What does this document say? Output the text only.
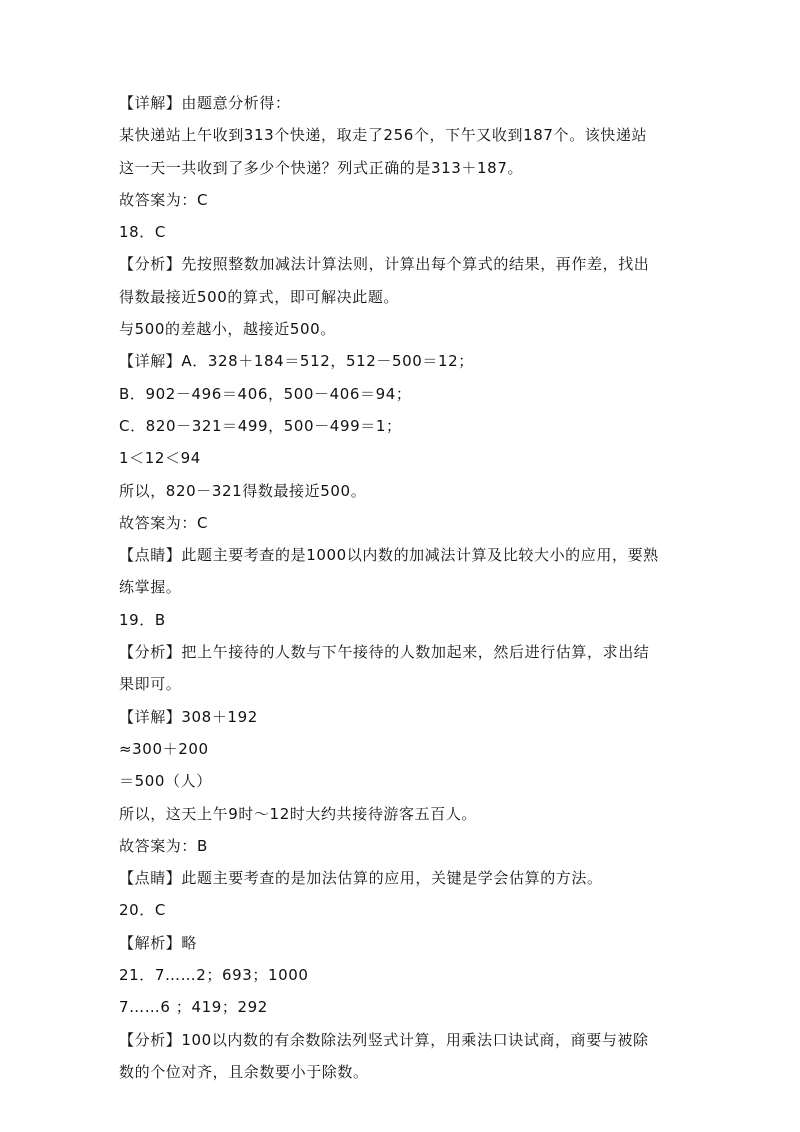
【详解】由题意分析得：
某快递站上午收到313个快递，取走了256个，下午又收到187个。该快递站
这一天一共收到了多少个快递？列式正确的是313＋187。
故答案为：C
18．C
【分析】先按照整数加减法计算法则，计算出每个算式的结果，再作差，找出
得数最接近500的算式，即可解决此题。
与500的差越小，越接近500。
【详解】A．328＋184＝512，512－500＝12；
B．902－496＝406，500－406＝94；
C．820－321＝499，500－499＝1；
1＜12＜94
所以，820－321得数最接近500。
故答案为：C
【点睛】此题主要考查的是1000以内数的加减法计算及比较大小的应用，要熟
练掌握。
19．B
【分析】把上午接待的人数与下午接待的人数加起来，然后进行估算，求出结
果即可。
【详解】308＋192
≈300＋200
＝500（人）
所以，这天上午9时～12时大约共接待游客五百人。
故答案为：B
【点睛】此题主要考查的是加法估算的应用，关键是学会估算的方法。
20．C
【解析】略
21．7……2；693；1000
7……6 ；419；292
【分析】100以内数的有余数除法列竖式计算，用乘法口诀试商，商要与被除
数的个位对齐，且余数要小于除数。
